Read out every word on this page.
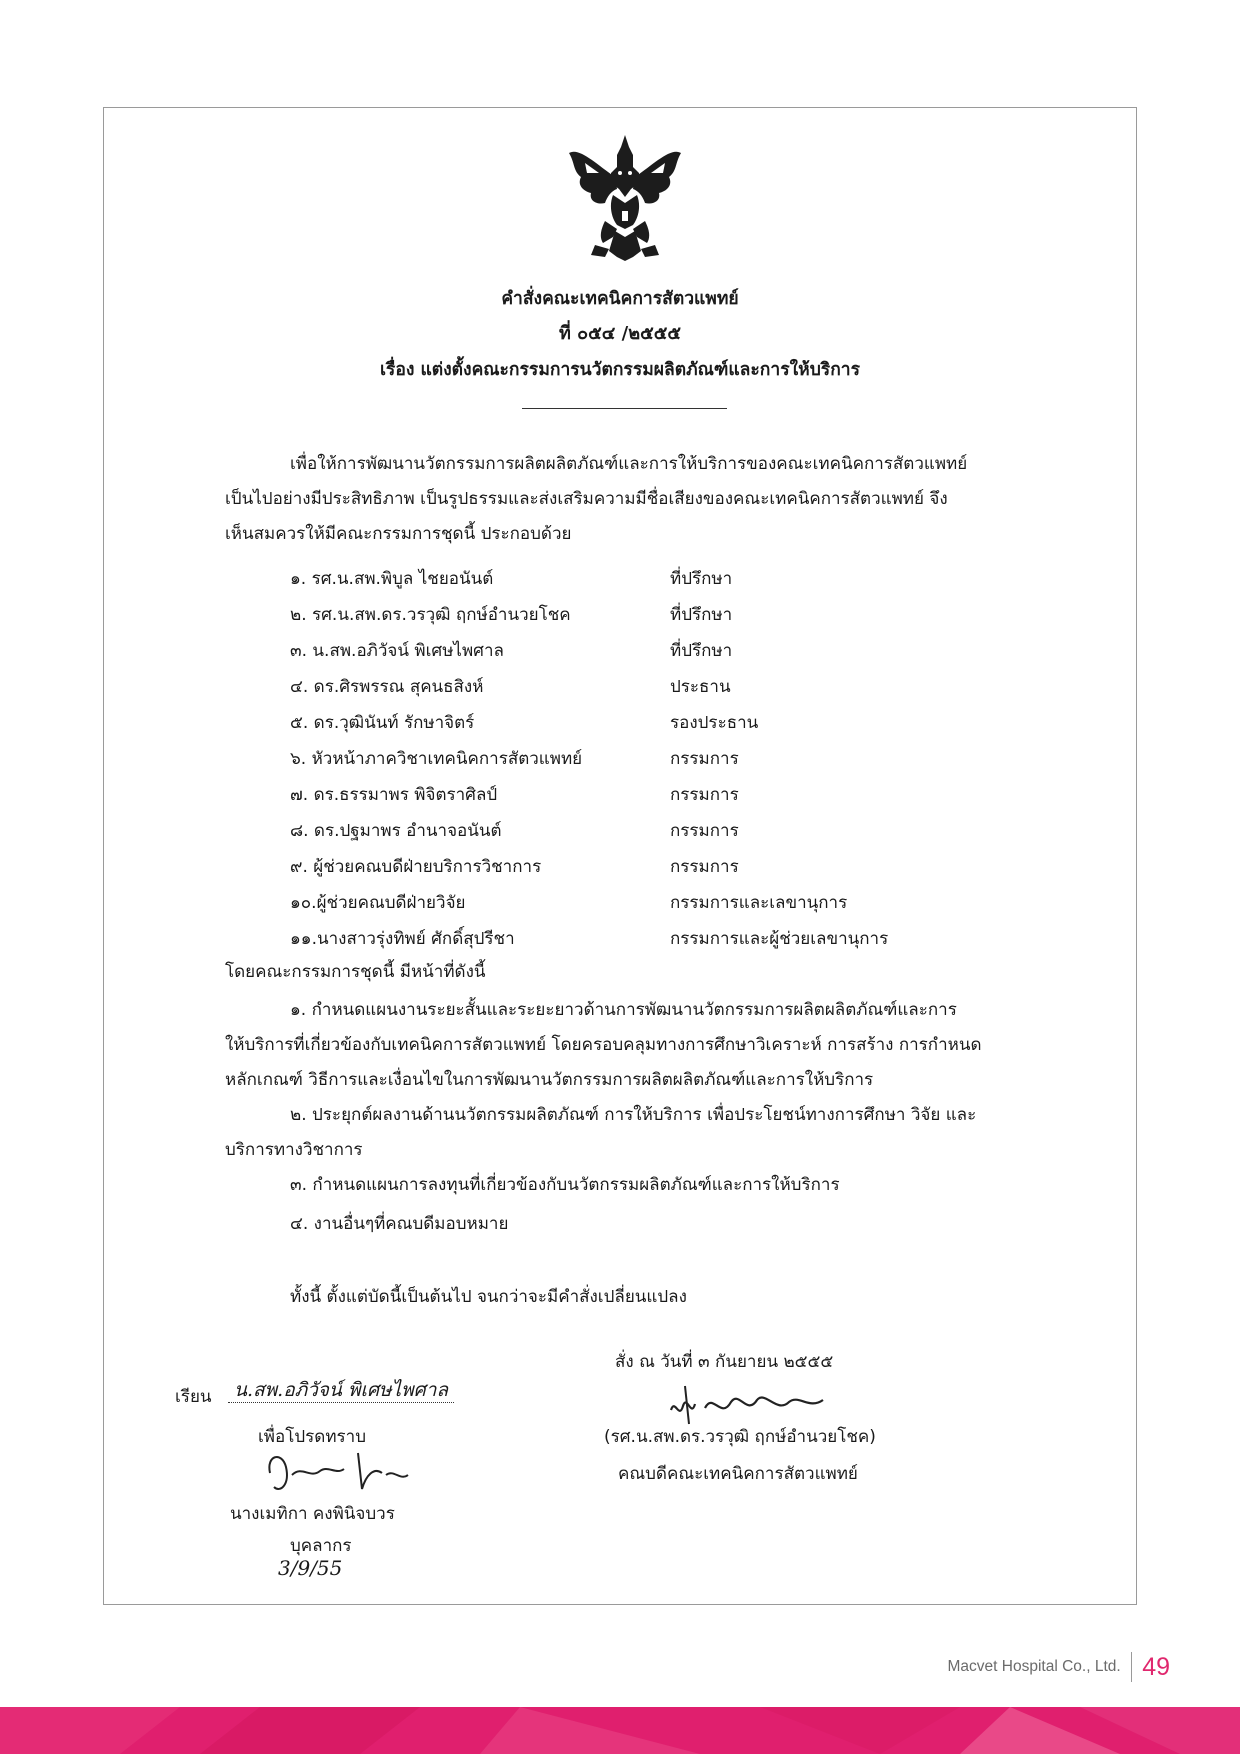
คำสั่งคณะเทคนิคการสัตวแพทย์
ที่ ๐๕๔ /๒๕๕๕
เรื่อง แต่งตั้งคณะกรรมการนวัตกรรมผลิตภัณฑ์และการให้บริการ
เพื่อให้การพัฒนานวัตกรรมการผลิตผลิตภัณฑ์และการให้บริการของคณะเทคนิคการสัตวแพทย์
เป็นไปอย่างมีประสิทธิภาพ เป็นรูปธรรมและส่งเสริมความมีชื่อเสียงของคณะเทคนิคการสัตวแพทย์ จึง
เห็นสมควรให้มีคณะกรรมการชุดนี้ ประกอบด้วย
๑. รศ.น.สพ.พิบูล ไชยอนันต์	ที่ปรึกษา
๒. รศ.น.สพ.ดร.วรวุฒิ ฤกษ์อำนวยโชค	ที่ปรึกษา
๓. น.สพ.อภิวัจน์ พิเศษไพศาล	ที่ปรึกษา
๔. ดร.ศิรพรรณ สุคนธสิงห์	ประธาน
๕. ดร.วุฒินันท์ รักษาจิตร์	รองประธาน
๖. หัวหน้าภาควิชาเทคนิคการสัตวแพทย์	กรรมการ
๗. ดร.ธรรมาพร พิจิตราศิลป์	กรรมการ
๘. ดร.ปฐมาพร อำนาจอนันต์	กรรมการ
๙. ผู้ช่วยคณบดีฝ่ายบริการวิชาการ	กรรมการ
๑๐.ผู้ช่วยคณบดีฝ่ายวิจัย	กรรมการและเลขานุการ
๑๑.นางสาวรุ่งทิพย์ ศักดิ์สุปรีชา	กรรมการและผู้ช่วยเลขานุการ
โดยคณะกรรมการชุดนี้ มีหน้าที่ดังนี้
๑. กำหนดแผนงานระยะสั้นและระยะยาวด้านการพัฒนานวัตกรรมการผลิตผลิตภัณฑ์และการ
ให้บริการที่เกี่ยวข้องกับเทคนิคการสัตวแพทย์ โดยครอบคลุมทางการศึกษาวิเคราะห์ การสร้าง การกำหนด
หลักเกณฑ์ วิธีการและเงื่อนไขในการพัฒนานวัตกรรมการผลิตผลิตภัณฑ์และการให้บริการ
๒. ประยุกต์ผลงานด้านนวัตกรรมผลิตภัณฑ์ การให้บริการ เพื่อประโยชน์ทางการศึกษา วิจัย และ
บริการทางวิชาการ
๓. กำหนดแผนการลงทุนที่เกี่ยวข้องกับนวัตกรรมผลิตภัณฑ์และการให้บริการ
๔. งานอื่นๆที่คณบดีมอบหมาย
ทั้งนี้ ตั้งแต่บัดนี้เป็นต้นไป จนกว่าจะมีคำสั่งเปลี่ยนแปลง
สั่ง ณ วันที่ ๓ กันยายน ๒๕๕๕
(รศ.น.สพ.ดร.วรวุฒิ ฤกษ์อำนวยโชค)
คณบดีคณะเทคนิคการสัตวแพทย์
เรียน	น.สพ.อภิวัจน์ พิเศษไพศาล
เพื่อโปรดทราบ
นางเมทิกา คงพินิจบวร
บุคลากร
3/9/55
Macvet Hospital Co., Ltd. 49
